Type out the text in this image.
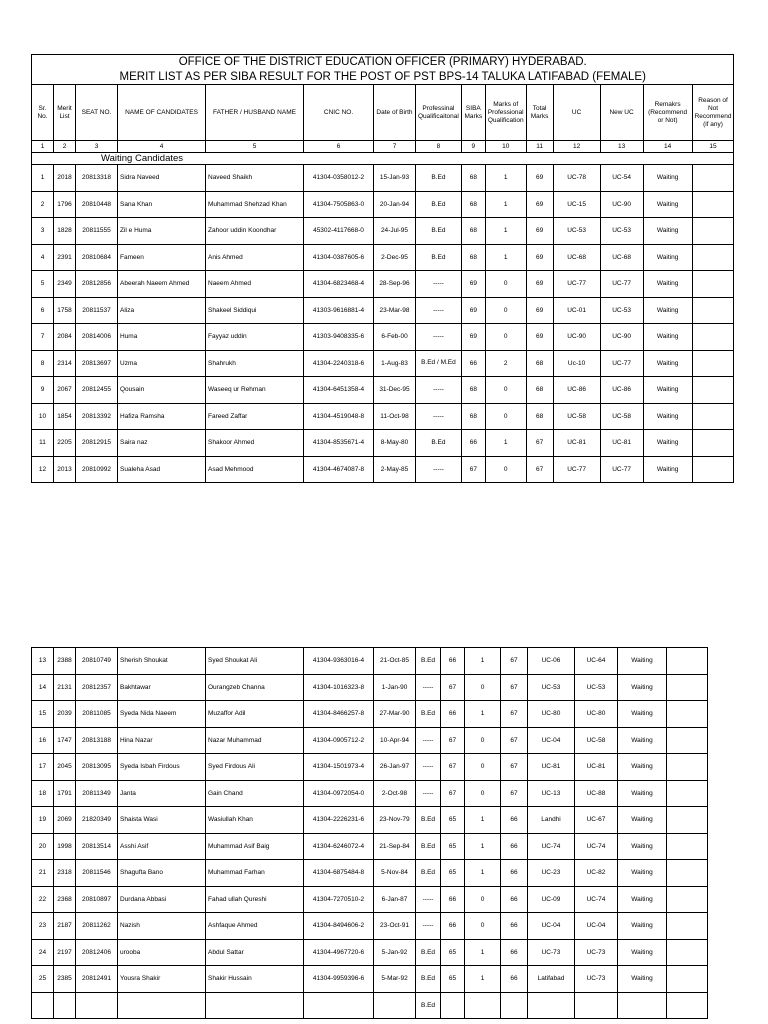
OFFICE OF THE DISTRICT EDUCATION OFFICER (PRIMARY) HYDERABAD.														
MERIT LIST AS PER SIBA RESULT FOR THE POST OF PST BPS-14 TALUKA LATIFABAD (FEMALE)														
Sr. No.	Merit List	SEAT NO.	NAME OF CANDIDATES	FATHER / HUSBAND NAME	CNIC NO.	Date of Birth	Professinal Qualificaitonal	SIBA Marks	Marks of Professional Qualification	Total Marks	UC	New UC	Remakrs (Recommend or Not)	Reason of Not Recommend (if any)
1	2	3	4	5	6	7	8	9	10	11	12	13	14	15
Waiting Candidates														
1	2018	20813318	Sidra Naveed	Naveed Shaikh	41304-0358012-2	15-Jan-93	B.Ed	68	1	69	UC-78	UC-54	Waiting	
2	1796	20810448	Sana Khan	Muhammad Shehzad Khan	41304-7505863-0	20-Jan-94	B.Ed	68	1	69	UC-15	UC-90	Waiting	
3	1828	20811555	Zil e Huma	Zahoor uddin Koondhar	45302-4117668-0	24-Jul-95	B.Ed	68	1	69	UC-53	UC-53	Waiting	
4	2391	20810684	Fameen	Anis Ahmed	41304-0387605-6	2-Dec-95	B.Ed	68	1	69	UC-68	UC-68	Waiting	
5	2349	20812856	Abeerah Naeem Ahmed	Naeem Ahmed	41304-6823468-4	28-Sep-96	-----	69	0	69	UC-77	UC-77	Waiting	
6	1758	20811537	Aliza	Shakeel Siddiqui	41303-9616881-4	23-Mar-98	-----	69	0	69	UC-01	UC-53	Waiting	
7	2084	20814006	Huma	Fayyaz uddin	41303-9408335-6	6-Feb-00	-----	69	0	69	UC-90	UC-90	Waiting	
8	2314	20813697	Uzma	Shahrukh	41304-2240318-6	1-Aug-83	B.Ed / M.Ed	66	2	68	Uc-10	UC-77	Waiting	
9	2067	20812455	Qousain	Waseeq ur Rehman	41304-6451358-4	31-Dec-95	-----	68	0	68	UC-86	UC-86	Waiting	
10	1854	20813392	Hafiza Ramsha	Fareed Zaffar	41304-4519048-8	11-Oct-98	-----	68	0	68	UC-58	UC-58	Waiting	
11	2205	20812915	Saira naz	Shakoor Ahmed	41304-8535671-4	8-May-80	B.Ed	66	1	67	UC-81	UC-81	Waiting	
12	2013	20810992	Sualeha Asad	Asad Mehmood	41304-4674087-8	2-May-85	-----	67	0	67	UC-77	UC-77	Waiting	
13	2388	20810749	Sherish Shoukat	Syed Shoukat Ali	41304-9363016-4	21-Oct-85	B.Ed	66	1	67	UC-06	UC-64	Waiting	
14	2131	20812357	Bakhtawar	Ourangzeb Channa	41304-1016323-8	1-Jan-90	-----	67	0	67	UC-53	UC-53	Waiting	
15	2039	20811085	Syeda Nida Naeem	Muzaffor Adil	41304-8466257-8	27-Mar-90	B.Ed	66	1	67	UC-80	UC-80	Waiting	
16	1747	20813188	Hina Nazar	Nazar Muhammad	41304-0905712-2	10-Apr-94	-----	67	0	67	UC-04	UC-58	Waiting	
17	2045	20813095	Syeda Isbah Firdous	Syed Firdous Ali	41304-1501973-4	26-Jan-97	-----	67	0	67	UC-81	UC-81	Waiting	
18	1791	20811349	Janta	Gain Chand	41304-0972054-0	2-Oct-98	-----	67	0	67	UC-13	UC-88	Waiting	
19	2069	21820349	Shaista Wasi	Wasiullah Khan	41304-2226231-6	23-Nov-79	B.Ed	65	1	66	Landhi	UC-67	Waiting	
20	1998	20813514	Asshi Asif	Muhammad Asif Baig	41304-6246072-4	21-Sep-84	B.Ed	65	1	66	UC-74	UC-74	Waiting	
21	2318	20811546	Shagufta Bano	Muhammad Farhan	41304-6875484-8	5-Nov-84	B.Ed	65	1	66	UC-23	UC-82	Waiting	
22	2368	20810897	Durdana Abbasi	Fahad ullah Qureshi	41304-7270510-2	6-Jan-87	-----	66	0	66	UC-09	UC-74	Waiting	
23	2187	20811262	Nazish	Ashfaque Ahmed	41304-8494606-2	23-Oct-91	-----	66	0	66	UC-04	UC-04	Waiting	
24	2197	20812406	urooba	Abdul Sattar	41304-4967720-6	5-Jan-92	B.Ed	65	1	66	UC-73	UC-73	Waiting	
25	2385	20812491	Yousra Shakir	Shakir Hussain	41304-9959396-6	5-Mar-92	B.Ed	65	1	66	Latifabad	UC-73	Waiting	
							B.Ed							
